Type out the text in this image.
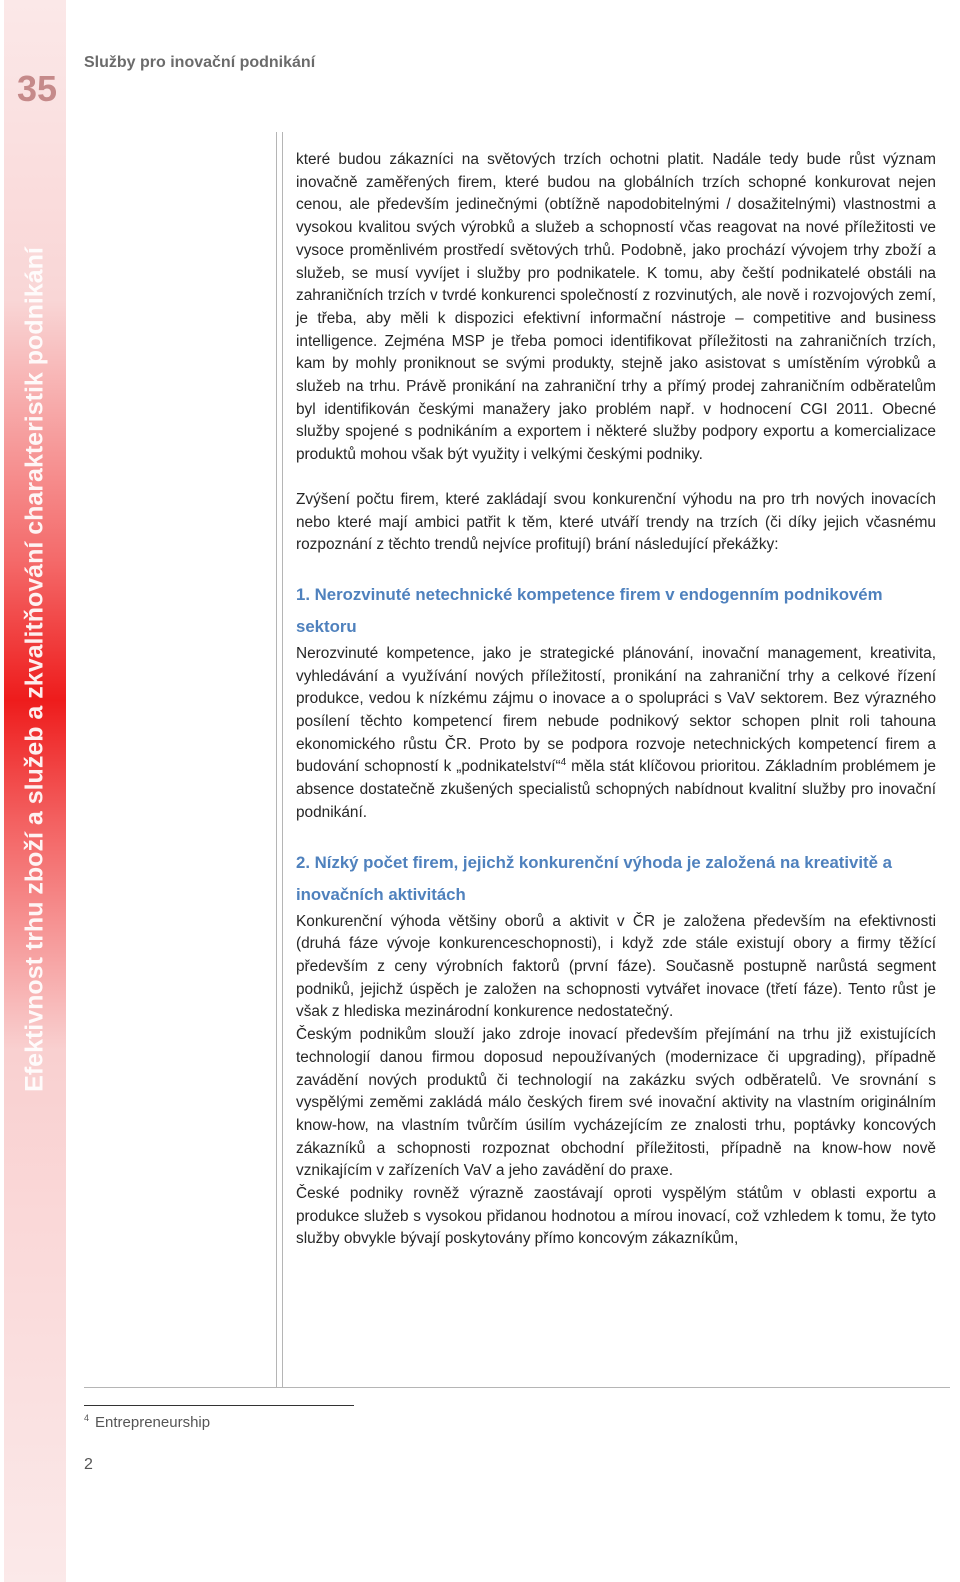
35
Efektivnost trhu zboží a služeb a zkvalitňování charakteristik podnikání
Služby pro inovační podnikání

které budou zákazníci na světových trzích ochotni platit. Nadále tedy bude růst význam inovačně zaměřených firem, které budou na globálních trzích schopné konkurovat nejen cenou, ale především jedinečnými (obtížně napodobitelnými / dosažitelnými) vlastnostmi a vysokou kvalitou svých výrobků a služeb a schopností včas reagovat na nové příležitosti ve vysoce proměnlivém prostředí světových trhů. Podobně, jako prochází vývojem trhy zboží a služeb, se musí vyvíjet i služby pro podnikatele. K tomu, aby čeští podnikatelé obstáli na zahraničních trzích v tvrdé konkurenci společností z rozvinutých, ale nově i rozvojových zemí, je třeba, aby měli k dispozici efektivní informační nástroje – competitive and business intelligence. Zejména MSP je třeba pomoci identifikovat příležitosti na zahraničních trzích, kam by mohly proniknout se svými produkty, stejně jako asistovat s umístěním výrobků a služeb na trhu. Právě pronikání na zahraniční trhy a přímý prodej zahraničním odběratelům byl identifikován českými manažery jako problém např. v hodnocení CGI 2011. Obecné služby spojené s podnikáním a exportem i některé služby podpory exportu a komercializace produktů mohou však být využity i velkými českými podniky.

Zvýšení počtu firem, které zakládají svou konkurenční výhodu na pro trh nových inovacích nebo které mají ambici patřit k těm, které utváří trendy na trzích (či díky jejich včasnému rozpoznání z těchto trendů nejvíce profitují) brání následující překážky:

1. Nerozvinuté netechnické kompetence firem v endogenním podnikovém sektoru

Nerozvinuté kompetence, jako je strategické plánování, inovační management, kreativita, vyhledávání a využívání nových příležitostí, pronikání na zahraniční trhy a celkové řízení produkce, vedou k nízkému zájmu o inovace a o spolupráci s VaV sektorem. Bez výrazného posílení těchto kompetencí firem nebude podnikový sektor schopen plnit roli tahouna ekonomického růstu ČR. Proto by se podpora rozvoje netechnických kompetencí firem a budování schopností k „podnikatelství“$^4$ měla stát klíčovou prioritou. Základním problémem je absence dostatečně zkušených specialistů schopných nabídnout kvalitní služby pro inovační podnikání.

2. Nízký počet firem, jejichž konkurenční výhoda je založená na kreativitě a inovačních aktivitách

Konkurenční výhoda většiny oborů a aktivit v ČR je založena především na efektivnosti (druhá fáze vývoje konkurenceschopnosti), i když zde stále existují obory a firmy těžící především z ceny výrobních faktorů (první fáze). Současně postupně narůstá segment podniků, jejichž úspěch je založen na schopnosti vytvářet inovace (třetí fáze). Tento růst je však z hlediska mezinárodní konkurence nedostatečný.

Českým podnikům slouží jako zdroje inovací především přejímání na trhu již existujících technologií danou firmou doposud nepoužívaných (modernizace či upgrading), případně zavádění nových produktů či technologií na zakázku svých odběratelů. Ve srovnání s vyspělými zeměmi zakládá málo českých firem své inovační aktivity na vlastním originálním know-how, na vlastním tvůrčím úsilím vycházejícím ze znalosti trhu, poptávky koncových zákazníků a schopnosti rozpoznat obchodní příležitosti, případně na know-how nově vznikajícím v zařízeních VaV a jeho zavádění do praxe.

České podniky rovněž výrazně zaostávají oproti vyspělým státům v oblasti exportu a produkce služeb s vysokou přidanou hodnotou a mírou inovací, což vzhledem k tomu, že tyto služby obvykle bývají poskytovány přímo koncovým zákazníkům,

$^4$ Entrepreneurship
2
